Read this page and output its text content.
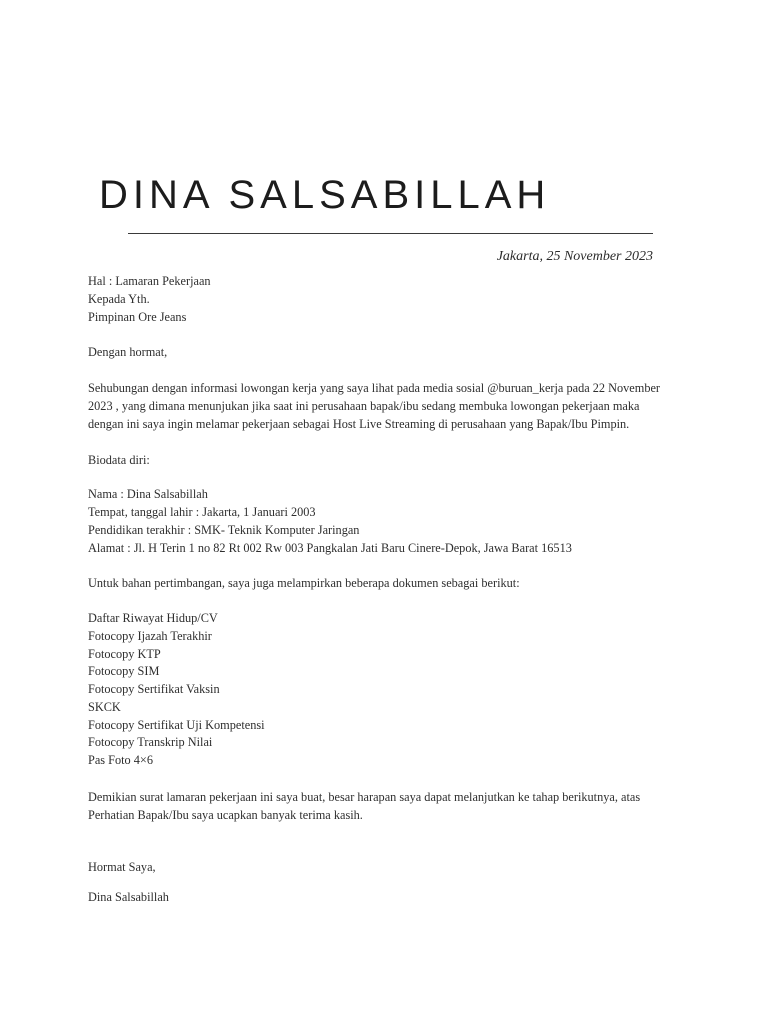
DINA SALSABILLAH
Jakarta, 25 November 2023
Hal : Lamaran Pekerjaan
Kepada Yth.
Pimpinan Ore Jeans
Dengan hormat,
Sehubungan dengan informasi lowongan kerja yang saya lihat pada media sosial @buruan_kerja pada 22 November
2023 , yang dimana menunjukan jika saat ini perusahaan bapak/ibu sedang membuka lowongan pekerjaan maka
dengan ini saya ingin melamar pekerjaan sebagai Host Live Streaming di perusahaan yang Bapak/Ibu Pimpin.
Biodata diri:
Nama : Dina Salsabillah
Tempat, tanggal lahir : Jakarta, 1 Januari 2003
Pendidikan terakhir : SMK- Teknik Komputer Jaringan
Alamat : Jl. H Terin 1 no 82 Rt 002 Rw 003 Pangkalan Jati Baru Cinere-Depok, Jawa Barat 16513
Untuk bahan pertimbangan, saya juga melampirkan beberapa dokumen sebagai berikut:
Daftar Riwayat Hidup/CV
Fotocopy Ijazah Terakhir
Fotocopy KTP
Fotocopy SIM
Fotocopy Sertifikat Vaksin
SKCK
Fotocopy Sertifikat Uji Kompetensi
Fotocopy Transkrip Nilai
Pas Foto 4×6
Demikian surat lamaran pekerjaan ini saya buat, besar harapan saya dapat melanjutkan ke tahap berikutnya, atas
Perhatian Bapak/Ibu saya ucapkan banyak terima kasih.
Hormat Saya,
Dina Salsabillah
